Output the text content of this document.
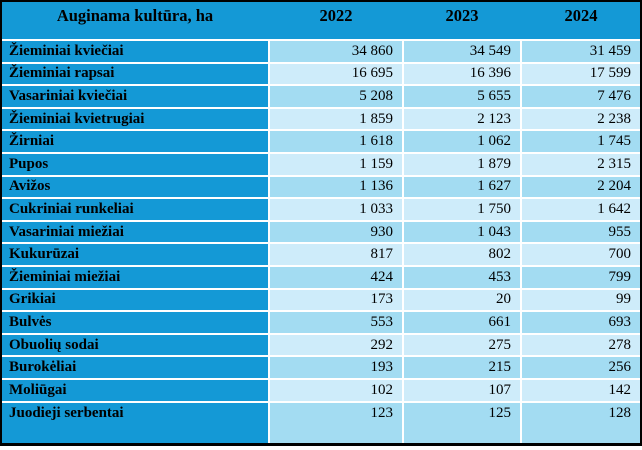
Auginama kultūra, ha	2022	2023	2024
Žieminiai kviečiai	34 860	34 549	31 459
Žieminiai rapsai	16 695	16 396	17 599
Vasariniai kviečiai	5 208	5 655	7 476
Žieminiai kvietrugiai	1 859	2 123	2 238
Žirniai	1 618	1 062	1 745
Pupos	1 159	1 879	2 315
Avižos	1 136	1 627	2 204
Cukriniai runkeliai	1 033	1 750	1 642
Vasariniai miežiai	930	1 043	955
Kukurūzai	817	802	700
Žieminiai miežiai	424	453	799
Grikiai	173	20	99
Bulvės	553	661	693
Obuolių sodai	292	275	278
Burokėliai	193	215	256
Moliūgai	102	107	142
Juodieji serbentai	123	125	128
